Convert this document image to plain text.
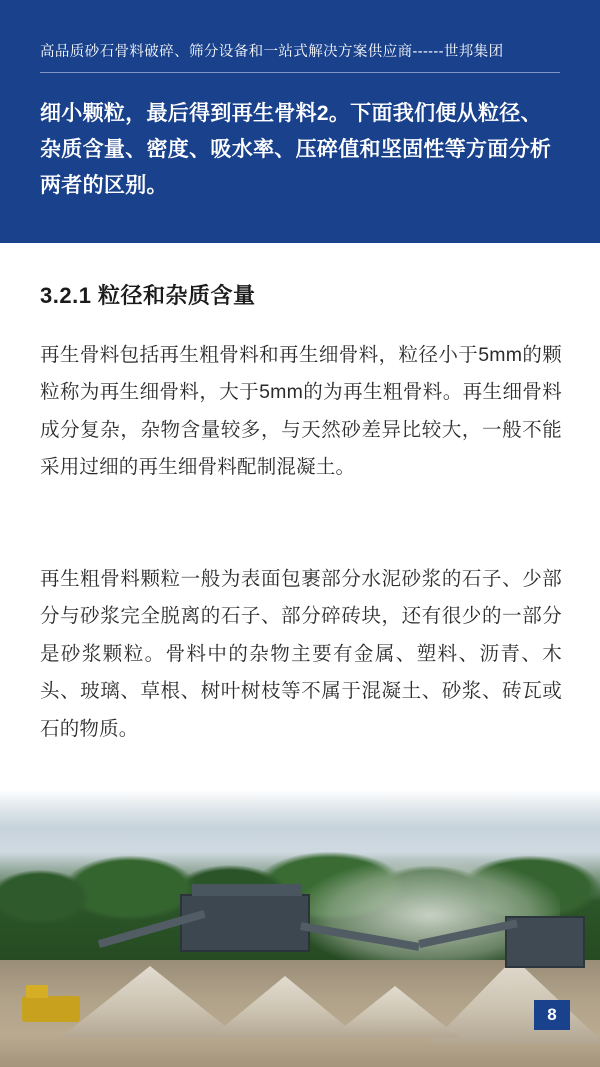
高品质砂石骨料破碎、筛分设备和一站式解决方案供应商------世邦集团
细小颗粒，最后得到再生骨料2。下面我们便从粒径、杂质含量、密度、吸水率、压碎值和坚固性等方面分析两者的区别。
3.2.1 粒径和杂质含量
再生骨料包括再生粗骨料和再生细骨料，粒径小于5mm的颗粒称为再生细骨料，大于5mm的为再生粗骨料。再生细骨料成分复杂，杂物含量较多，与天然砂差异比较大，一般不能采用过细的再生细骨料配制混凝土。
再生粗骨料颗粒一般为表面包裹部分水泥砂浆的石子、少部分与砂浆完全脱离的石子、部分碎砖块，还有很少的一部分是砂浆颗粒。骨料中的杂物主要有金属、塑料、沥青、木头、玻璃、草根、树叶树枝等不属于混凝土、砂浆、砖瓦或石的物质。
8
